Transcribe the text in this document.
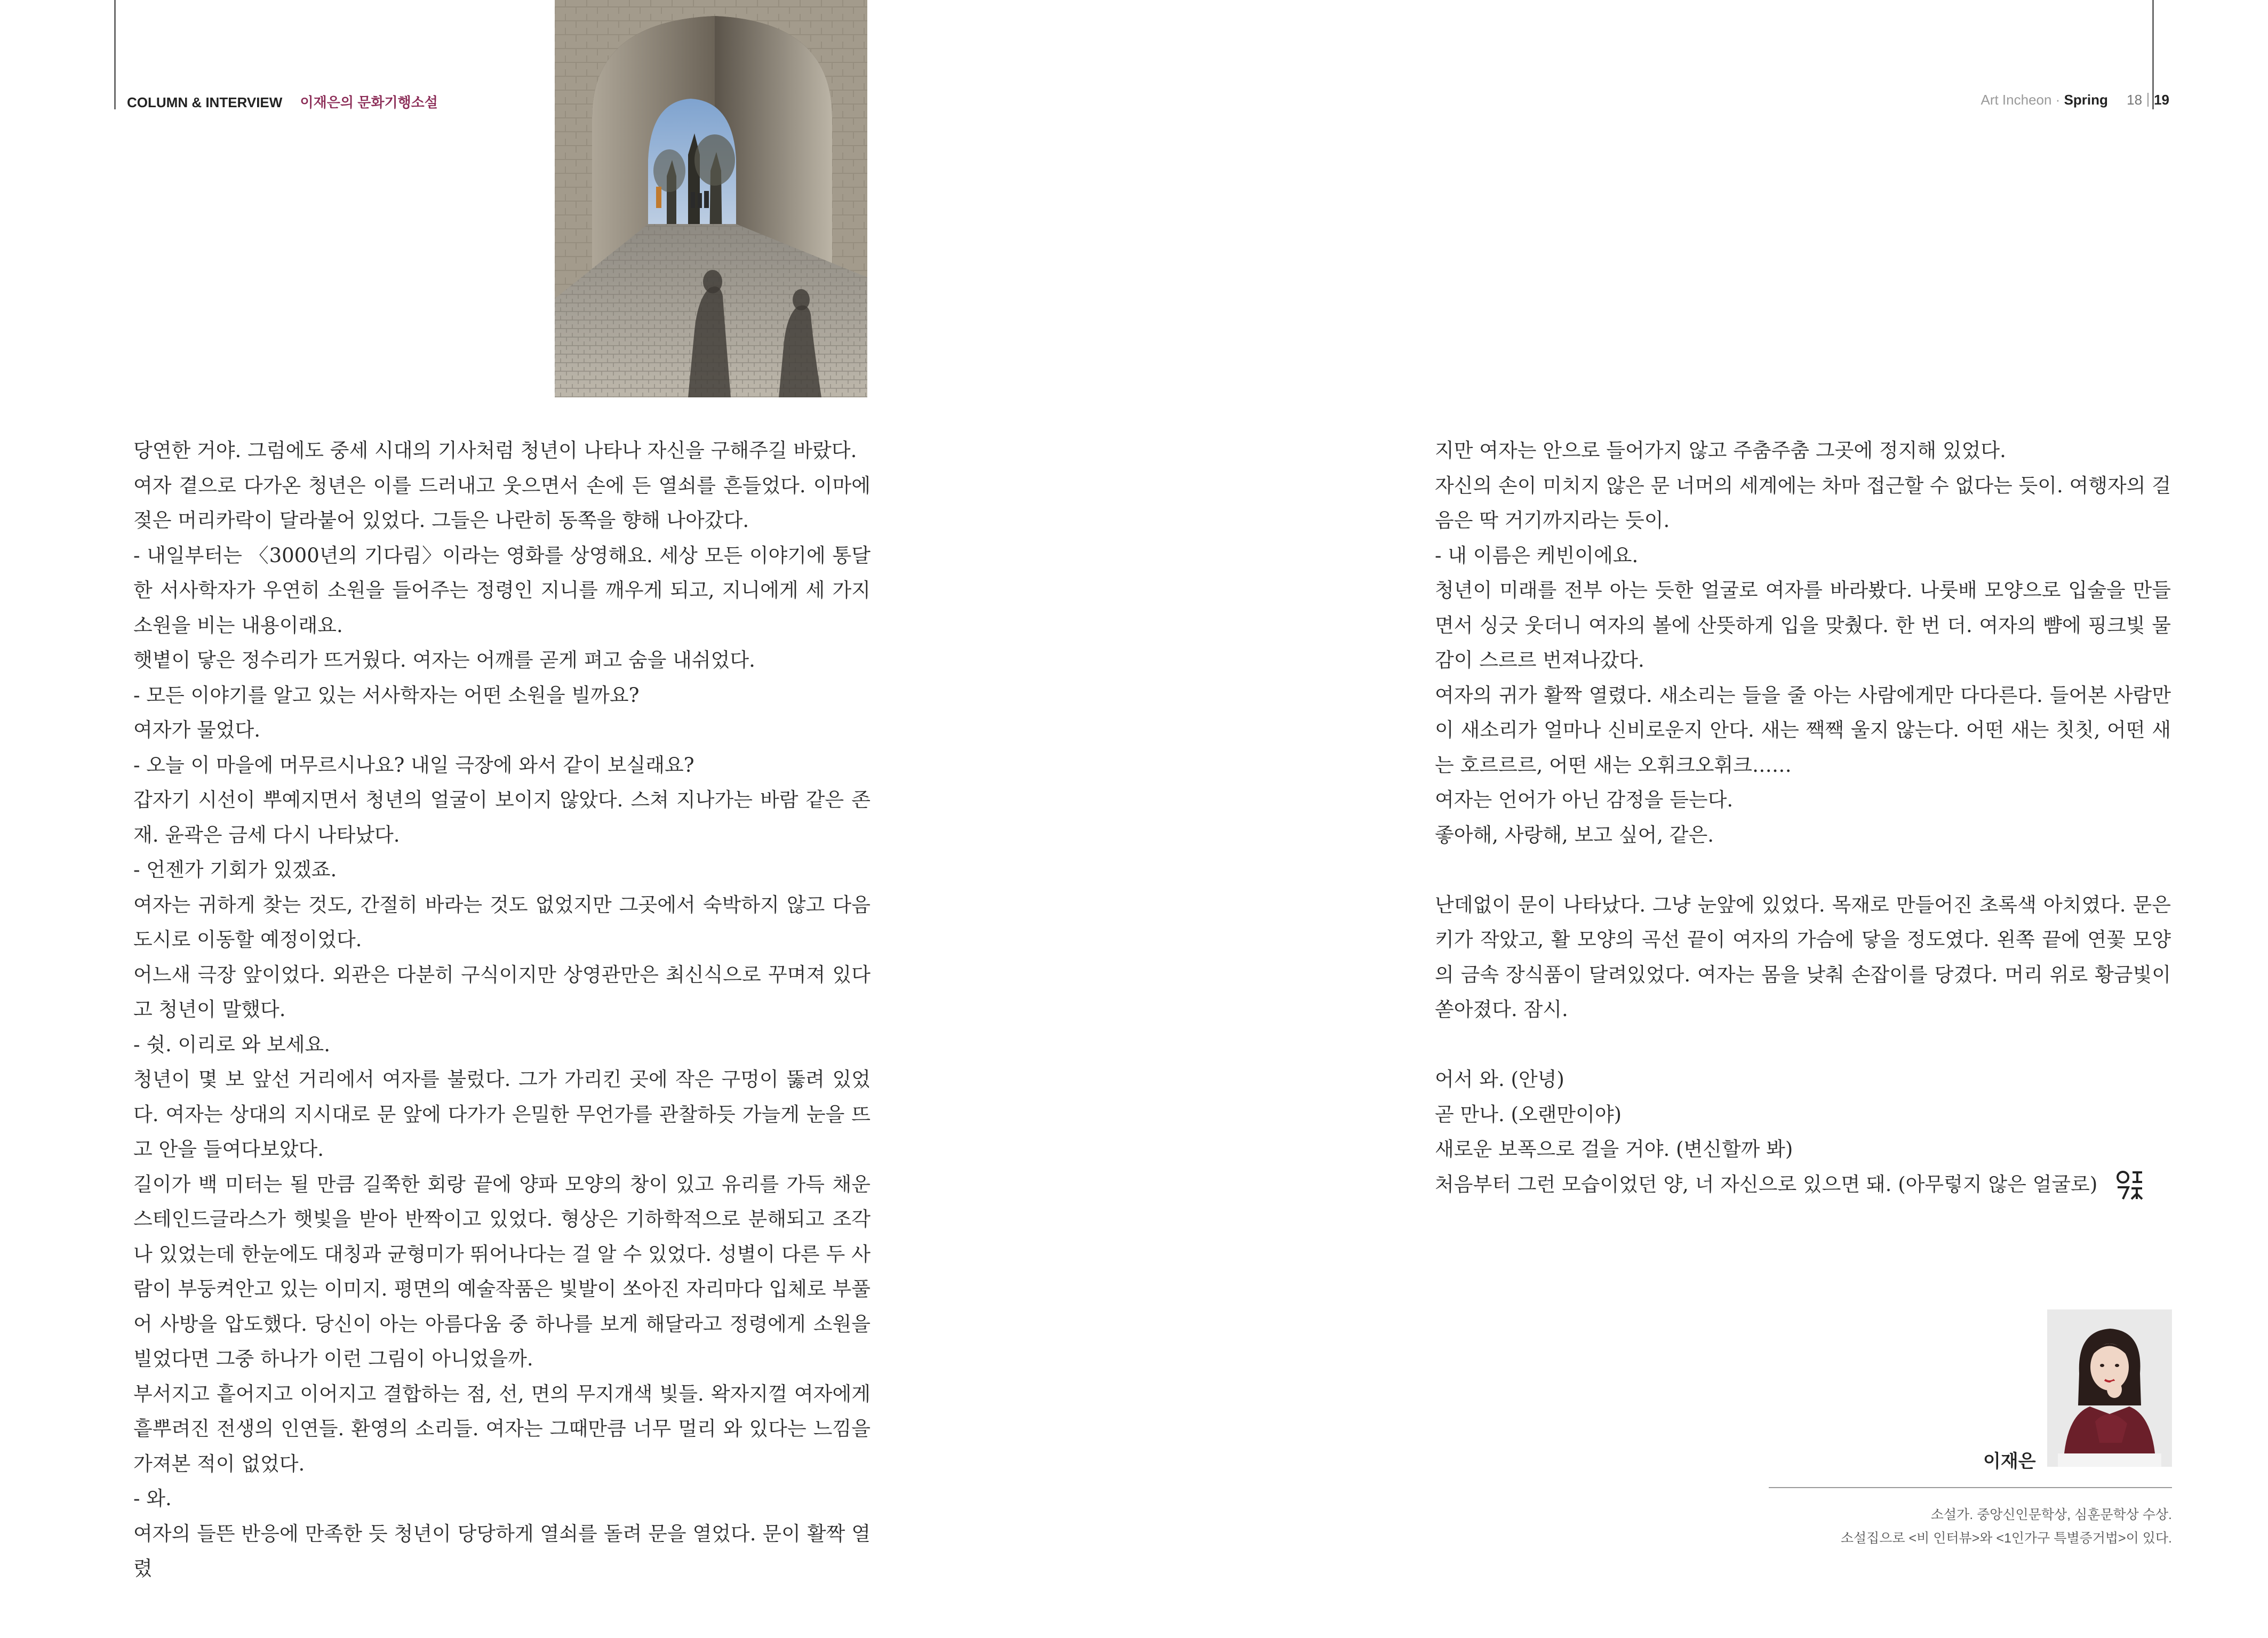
COLUMN & INTERVIEW 이재은의 문화기행소설	Art Incheon · Spring 18 19

당연한 거야. 그럼에도 중세 시대의 기사처럼 청년이 나타나 자신을 구해주길 바랐다.

여자 곁으로 다가온 청년은 이를 드러내고 웃으면서 손에 든 열쇠를 흔들었다. 이마에 젖은 머리카락이 달라붙어 있었다. 그들은 나란히 동쪽을 향해 나아갔다.

- 내일부터는 〈3000년의 기다림〉이라는 영화를 상영해요. 세상 모든 이야기에 통달한 서사학자가 우연히 소원을 들어주는 정령인 지니를 깨우게 되고, 지니에게 세 가지 소원을 비는 내용이래요.

햇볕이 닿은 정수리가 뜨거웠다. 여자는 어깨를 곧게 펴고 숨을 내쉬었다.

- 모든 이야기를 알고 있는 서사학자는 어떤 소원을 빌까요?

여자가 물었다.

- 오늘 이 마을에 머무르시나요? 내일 극장에 와서 같이 보실래요?

갑자기 시선이 뿌예지면서 청년의 얼굴이 보이지 않았다. 스쳐 지나가는 바람 같은 존재. 윤곽은 금세 다시 나타났다.

- 언젠가 기회가 있겠죠.

여자는 귀하게 찾는 것도, 간절히 바라는 것도 없었지만 그곳에서 숙박하지 않고 다음 도시로 이동할 예정이었다.

어느새 극장 앞이었다. 외관은 다분히 구식이지만 상영관만은 최신식으로 꾸며져 있다고 청년이 말했다.

- 쉿. 이리로 와 보세요.

청년이 몇 보 앞선 거리에서 여자를 불렀다. 그가 가리킨 곳에 작은 구멍이 뚫려 있었다. 여자는 상대의 지시대로 문 앞에 다가가 은밀한 무언가를 관찰하듯 가늘게 눈을 뜨고 안을 들여다보았다.

길이가 백 미터는 될 만큼 길쭉한 회랑 끝에 양파 모양의 창이 있고 유리를 가득 채운 스테인드글라스가 햇빛을 받아 반짝이고 있었다. 형상은 기하학적으로 분해되고 조각나 있었는데 한눈에도 대칭과 균형미가 뛰어나다는 걸 알 수 있었다. 성별이 다른 두 사람이 부둥켜안고 있는 이미지. 평면의 예술작품은 빛발이 쏘아진 자리마다 입체로 부풀어 사방을 압도했다. 당신이 아는 아름다움 중 하나를 보게 해달라고 정령에게 소원을 빌었다면 그중 하나가 이런 그림이 아니었을까.

부서지고 흩어지고 이어지고 결합하는 점, 선, 면의 무지개색 빛들. 왁자지껄 여자에게 흩뿌려진 전생의 인연들. 환영의 소리들. 여자는 그때만큼 너무 멀리 와 있다는 느낌을 가져본 적이 없었다.

- 와.

여자의 들뜬 반응에 만족한 듯 청년이 당당하게 열쇠를 돌려 문을 열었다. 문이 활짝 열렸

지만 여자는 안으로 들어가지 않고 주춤주춤 그곳에 정지해 있었다.

자신의 손이 미치지 않은 문 너머의 세계에는 차마 접근할 수 없다는 듯이. 여행자의 걸음은 딱 거기까지라는 듯이.

- 내 이름은 케빈이에요.

청년이 미래를 전부 아는 듯한 얼굴로 여자를 바라봤다. 나룻배 모양으로 입술을 만들면서 싱긋 웃더니 여자의 볼에 산뜻하게 입을 맞췄다. 한 번 더. 여자의 뺨에 핑크빛 물감이 스르르 번져나갔다.

여자의 귀가 활짝 열렸다. 새소리는 들을 줄 아는 사람에게만 다다른다. 들어본 사람만이 새소리가 얼마나 신비로운지 안다. 새는 짹짹 울지 않는다. 어떤 새는 칫칫, 어떤 새는 호르르르, 어떤 새는 오휘크오휘크……

여자는 언어가 아닌 감정을 듣는다.

좋아해, 사랑해, 보고 싶어, 같은.

난데없이 문이 나타났다. 그냥 눈앞에 있었다. 목재로 만들어진 초록색 아치였다. 문은 키가 작았고, 활 모양의 곡선 끝이 여자의 가슴에 닿을 정도였다. 왼쪽 끝에 연꽃 모양의 금속 장식품이 달려있었다. 여자는 몸을 낮춰 손잡이를 당겼다. 머리 위로 황금빛이 쏟아졌다. 잠시.

어서 와. (안녕)

곧 만나. (오랜만이야)

새로운 보폭으로 걸을 거야. (변신할까 봐)

처음부터 그런 모습이었던 양, 너 자신으로 있으면 돼. (아무렇지 않은 얼굴로)

이재은

소설가. 중앙신인문학상, 심훈문학상 수상.

소설집으로 <비 인터뷰>와 <1인가구 특별증거법>이 있다.
